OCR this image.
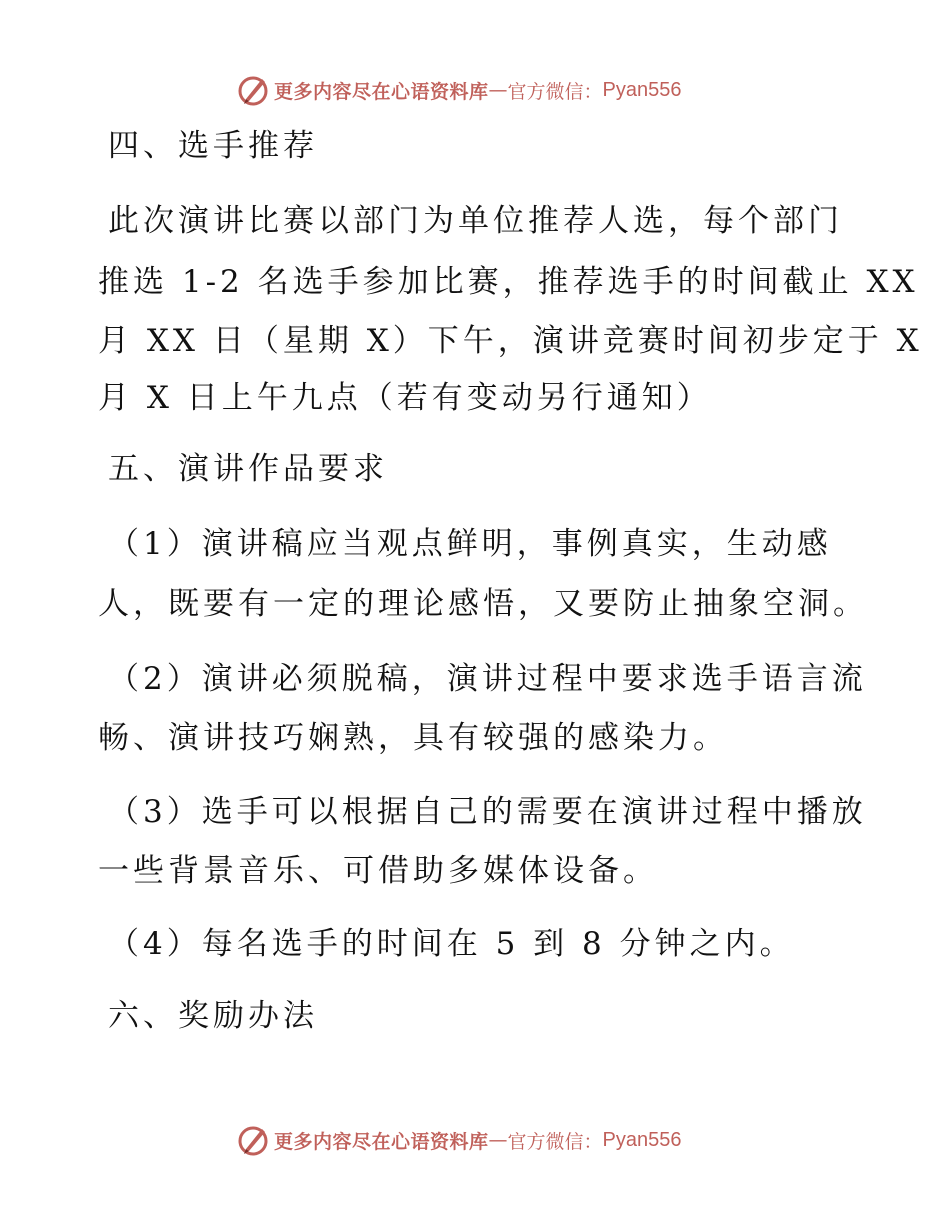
更多内容尽在心语资料库 — 官方微信： Pyan556
四、选手推荐
此次演讲比赛以部门为单位推荐人选，每个部门
推选 1-2 名选手参加比赛，推荐选手的时间截止 XX
月 XX 日（星期 X）下午，演讲竞赛时间初步定于 X
月 X 日上午九点（若有变动另行通知）
五、演讲作品要求
（1）演讲稿应当观点鲜明，事例真实，生动感
人，既要有一定的理论感悟，又要防止抽象空洞。
（2）演讲必须脱稿，演讲过程中要求选手语言流
畅、演讲技巧娴熟，具有较强的感染力。
（3）选手可以根据自己的需要在演讲过程中播放
一些背景音乐、可借助多媒体设备。
（4）每名选手的时间在 5 到 8 分钟之内。
六、奖励办法
更多内容尽在心语资料库 — 官方微信： Pyan556
